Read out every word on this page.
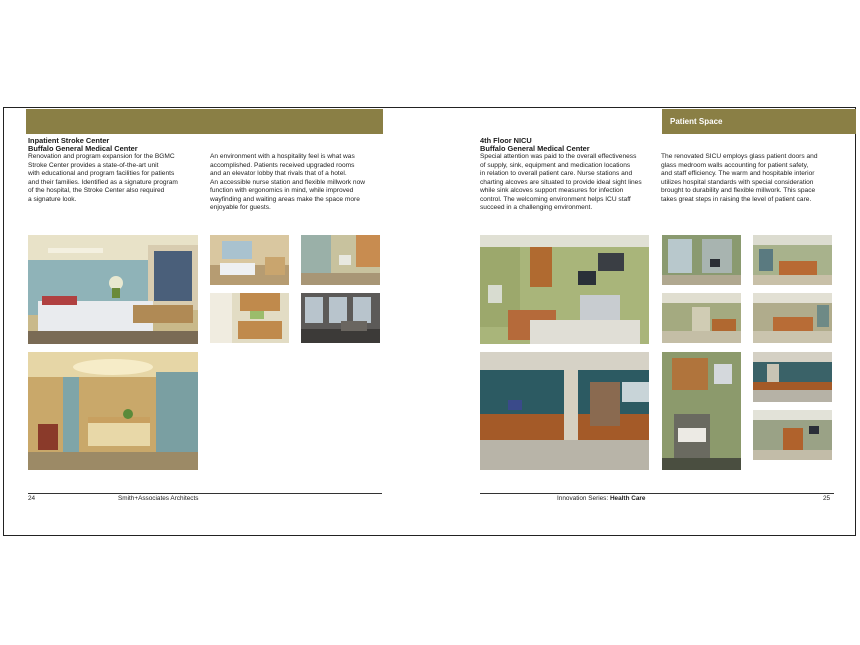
Patient Space
Inpatient Stroke Center
Buffalo General Medical Center
Renovation and program expansion for the BGMC
Stroke Center provides a state-of-the-art unit
with educational and program facilities for patients
and their families. Identified as a signature program
of the hospital, the Stroke Center also required
a signature look.
An environment with a hospitality feel is what was
accomplished. Patients received upgraded rooms
and an elevator lobby that rivals that of a hotel.
An accessible nurse station and flexible millwork now
function with ergonomics in mind, while improved
wayfinding and waiting areas make the space more
enjoyable for guests.
4th Floor NICU
Buffalo General Medical Center
Special attention was paid to the overall effectiveness
of supply, sink, equipment and medication locations
in relation to overall patient care. Nurse stations and
charting alcoves are situated to provide ideal sight lines
while sink alcoves support measures for infection
control. The welcoming environment helps ICU staff
succeed in a challenging environment.
The renovated SICU employs glass patient doors and
glass medroom walls accounting for patient safety,
and staff efficiency. The warm and hospitable interior
utilizes hospital standards with special consideration
brought to durability and flexible millwork. This space
takes great steps in raising the level of patient care.
24	Smith+Associates Architects	Innovation Series: Health Care	25
